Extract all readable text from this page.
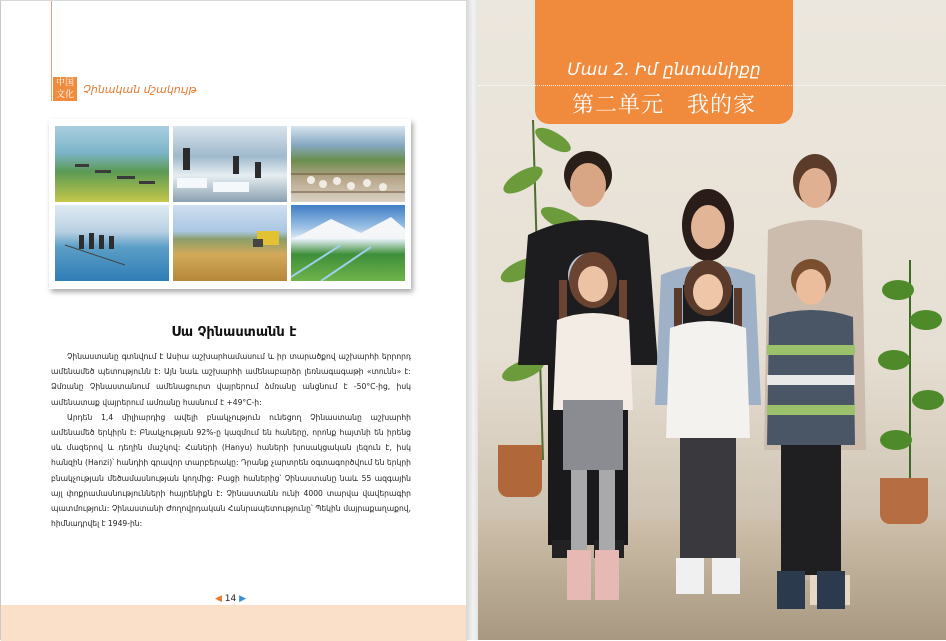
中国文化 Չինական մշակույթ
Սա Չինաստանն է

Չինաստանը գտնվում է Ասիա աշխարհամասում և իր տարածքով աշխարհի երրորդ ամենամեծ պետությունն է: Այն նաև աշխարհի ամենաբարձր լեռնագագաթի «տունն» է: Ձմռանը Չինաստանում ամենացուրտ վայրերում ձմռանը անցնում է -50°C-ից, իսկ ամենատաք վայրերում ամռանը հասնում է +49°C-ի:

Արդեն 1,4 միլիարդից ավելի բնակչություն ունեցող Չինաստանը աշխարհի ամենամեծ երկիրն է: Բնակչության 92%-ը կազմում են հաները, որոնք հայտնի են իրենց սև մազերով և դեղին մաշկով: Հաների (Hanyu) հաների խոսակցական լեզուն է, իսկ հանզին (Hanzi)՝ հանդիի գրավոր տարբերակը: Դրանք չարտրեն օգտագործվում են երկրի բնակչության մեծամասնության կողմից: Բացի հաներից՝ Չինաստանը նաև 55 ազգային այլ փոքրամասնությունների հայրենիքն է: Չինաստանն ունի 4000 տարվա վավերագիր պատմություն: Չինաստանի Ժողովրդական Հանրապետությունը՝ Պեկին մայրաքաղաքով, հիմնադրվել է 1949-ին:

◀ 14 ▶
Մաս 2. Իմ ընտանիքը
第二单元　我的家
